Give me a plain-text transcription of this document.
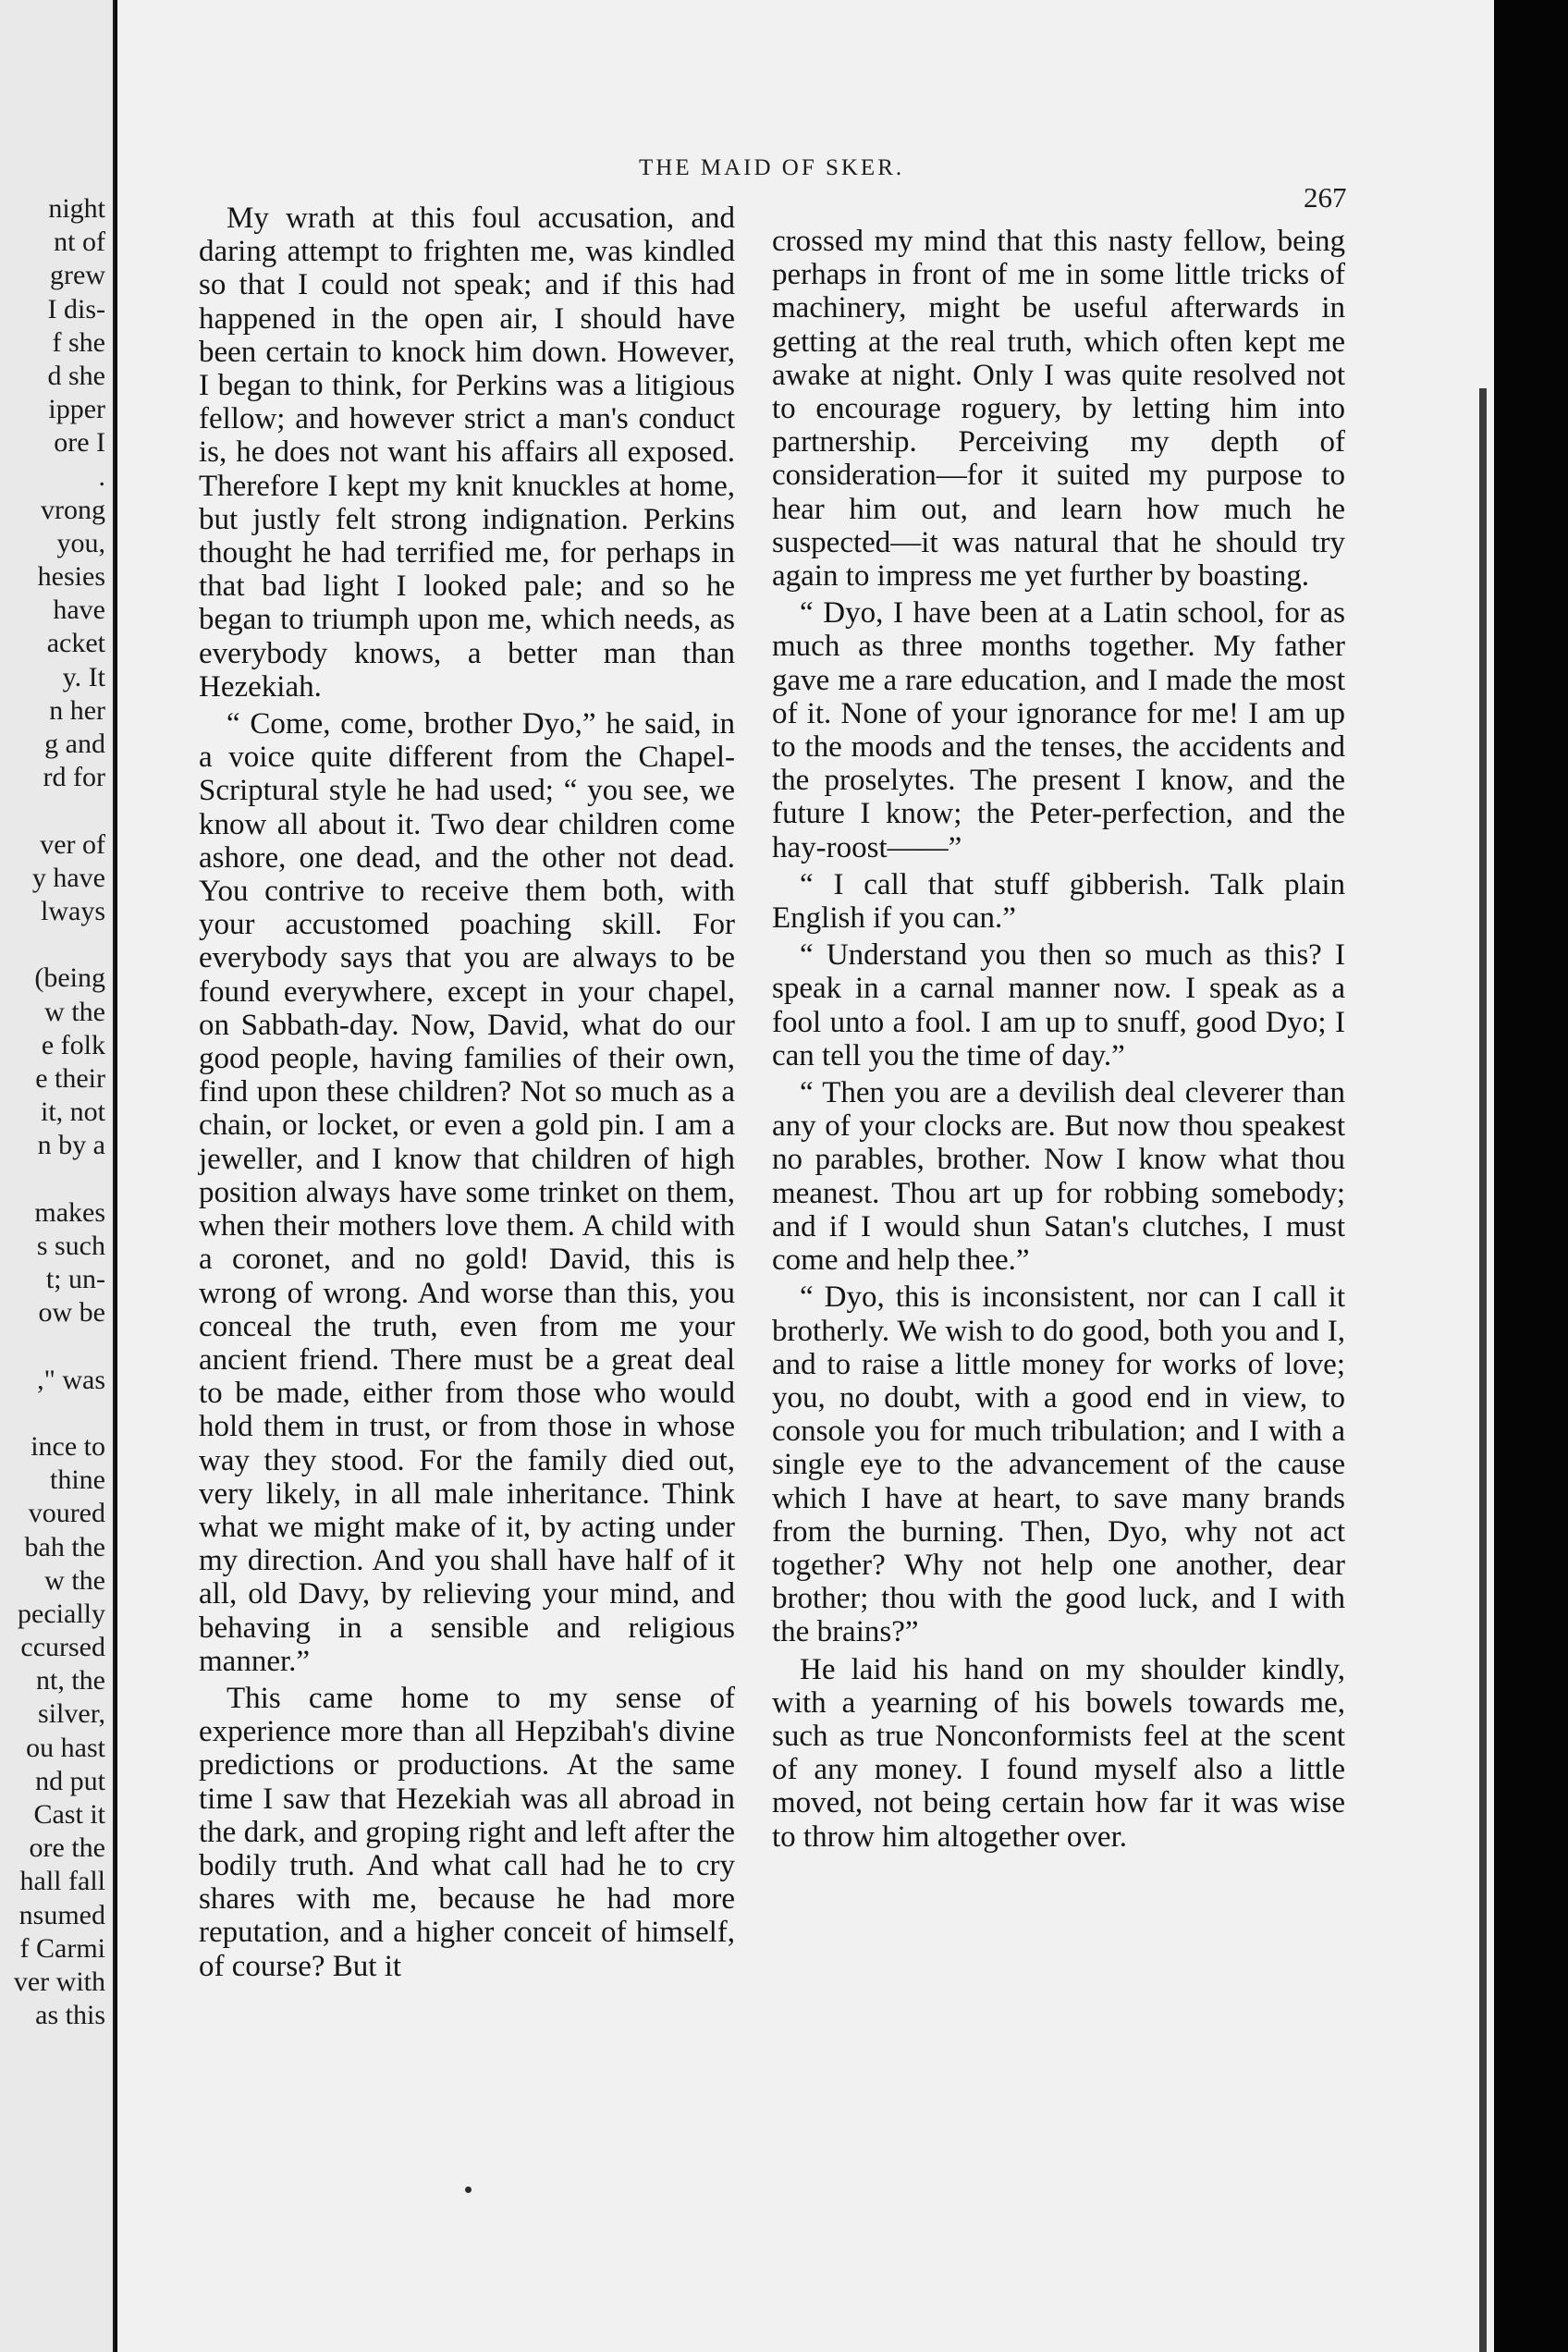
night
nt of
grew
I dis-
f she
d she
ipper
ore I
.
vrong
you,
hesies
have
acket
y. It
n her
g and
rd for
ver of
y have
lways
(being
w the
e folk
e their
it, not
n by a
makes
s such
t; un-
ow be
," was
ince to
thine
voured
bah the
w the
pecially
ccursed
nt, the
silver,
ou hast
nd put
Cast it
ore the
hall fall
nsumed
f Carmi
ver with
as this
THE MAID OF SKER.
267

My wrath at this foul accusation, and daring attempt to frighten me, was kindled so that I could not speak; and if this had happened in the open air, I should have been certain to knock him down. However, I began to think, for Perkins was a litigious fellow; and however strict a man's conduct is, he does not want his affairs all exposed. Therefore I kept my knit knuckles at home, but justly felt strong indignation. Perkins thought he had terrified me, for perhaps in that bad light I looked pale; and so he began to triumph upon me, which needs, as everybody knows, a better man than Hezekiah.

“ Come, come, brother Dyo,” he said, in a voice quite different from the Chapel-Scriptural style he had used; “ you see, we know all about it. Two dear children come ashore, one dead, and the other not dead. You contrive to receive them both, with your accustomed poaching skill. For everybody says that you are always to be found everywhere, except in your chapel, on Sabbath-day. Now, David, what do our good people, having families of their own, find upon these children? Not so much as a chain, or locket, or even a gold pin. I am a jeweller, and I know that children of high position always have some trinket on them, when their mothers love them. A child with a coronet, and no gold! David, this is wrong of wrong. And worse than this, you conceal the truth, even from me your ancient friend. There must be a great deal to be made, either from those who would hold them in trust, or from those in whose way they stood. For the family died out, very likely, in all male inheritance. Think what we might make of it, by acting under my direction. And you shall have half of it all, old Davy, by relieving your mind, and behaving in a sensible and religious manner.”

This came home to my sense of experience more than all Hepzibah's divine predictions or productions. At the same time I saw that Hezekiah was all abroad in the dark, and groping right and left after the bodily truth. And what call had he to cry shares with me, because he had more reputation, and a higher conceit of himself, of course? But it

crossed my mind that this nasty fellow, being perhaps in front of me in some little tricks of machinery, might be useful afterwards in getting at the real truth, which often kept me awake at night. Only I was quite resolved not to encourage roguery, by letting him into partnership. Perceiving my depth of consideration—for it suited my purpose to hear him out, and learn how much he suspected—it was natural that he should try again to impress me yet further by boasting.

“ Dyo, I have been at a Latin school, for as much as three months together. My father gave me a rare education, and I made the most of it. None of your ignorance for me! I am up to the moods and the tenses, the accidents and the proselytes. The present I know, and the future I know; the Peter-perfection, and the hay-roost——”

“ I call that stuff gibberish. Talk plain English if you can.”

“ Understand you then so much as this? I speak in a carnal manner now. I speak as a fool unto a fool. I am up to snuff, good Dyo; I can tell you the time of day.”

“ Then you are a devilish deal cleverer than any of your clocks are. But now thou speakest no parables, brother. Now I know what thou meanest. Thou art up for robbing somebody; and if I would shun Satan's clutches, I must come and help thee.”

“ Dyo, this is inconsistent, nor can I call it brotherly. We wish to do good, both you and I, and to raise a little money for works of love; you, no doubt, with a good end in view, to console you for much tribulation; and I with a single eye to the advancement of the cause which I have at heart, to save many brands from the burning. Then, Dyo, why not act together? Why not help one another, dear brother; thou with the good luck, and I with the brains?”

He laid his hand on my shoulder kindly, with a yearning of his bowels towards me, such as true Nonconformists feel at the scent of any money. I found myself also a little moved, not being certain how far it was wise to throw him altogether over.
